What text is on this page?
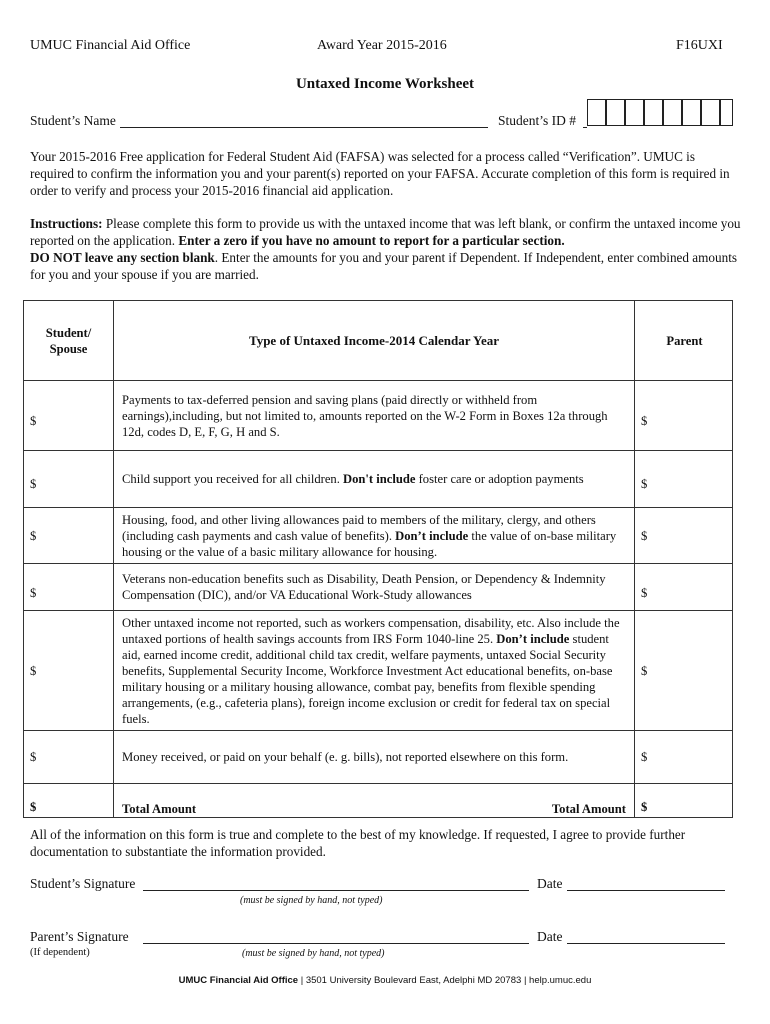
UMUC Financial Aid Office	Award Year 2015-2016	F16UXI
Untaxed Income Worksheet
Student’s Name	Student’s ID #
Your 2015-2016 Free application for Federal Student Aid (FAFSA) was selected for a process called “Verification”. UMUC is required to confirm the information you and your parent(s) reported on your FAFSA. Accurate completion of this form is required in order to verify and process your 2015-2016 financial aid application.
Instructions: Please complete this form to provide us with the untaxed income that was left blank, or confirm the untaxed income you reported on the application. Enter a zero if you have no amount to report for a particular section.
DO NOT leave any section blank. Enter the amounts for you and your parent if Dependent. If Independent, enter combined amounts for you and your spouse if you are married.
Student/ Spouse	Type of Untaxed Income-2014 Calendar Year	Parent

$	Payments to tax-deferred pension and saving plans (paid directly or withheld from earnings),including, but not limited to, amounts reported on the W-2 Form in Boxes 12a through 12d, codes D, E, F, G, H and S.	$

$	Child support you received for all children. Don't include foster care or adoption payments	$

$	Housing, food, and other living allowances paid to members of the military, clergy, and others (including cash payments and cash value of benefits). Don’t include the value of on-base military housing or the value of a basic military allowance for housing.	$

$	Veterans non-education benefits such as Disability, Death Pension, or Dependency & Indemnity Compensation (DIC), and/or VA Educational Work-Study allowances	$

$	Other untaxed income not reported, such as workers compensation, disability, etc. Also include the untaxed portions of health savings accounts from IRS Form 1040-line 25. Don’t include student aid, earned income credit, additional child tax credit, welfare payments, untaxed Social Security benefits, Supplemental Security Income, Workforce Investment Act educational benefits, on-base military housing or a military housing allowance, combat pay, benefits from flexible spending arrangements, (e.g., cafeteria plans), foreign income exclusion or credit for federal tax on special fuels.	$
$	Money received, or paid on your behalf (e. g. bills), not reported elsewhere on this form.	$

$	Total Amount Total Amount	$
All of the information on this form is true and complete to the best of my knowledge. If requested, I agree to provide further documentation to substantiate the information provided.
Student’s Signature	Date
(must be signed by hand, not typed)
Parent’s Signature	Date
(If dependent)	(must be signed by hand, not typed)
UMUC Financial Aid Office | 3501 University Boulevard East, Adelphi MD 20783 | help.umuc.edu
